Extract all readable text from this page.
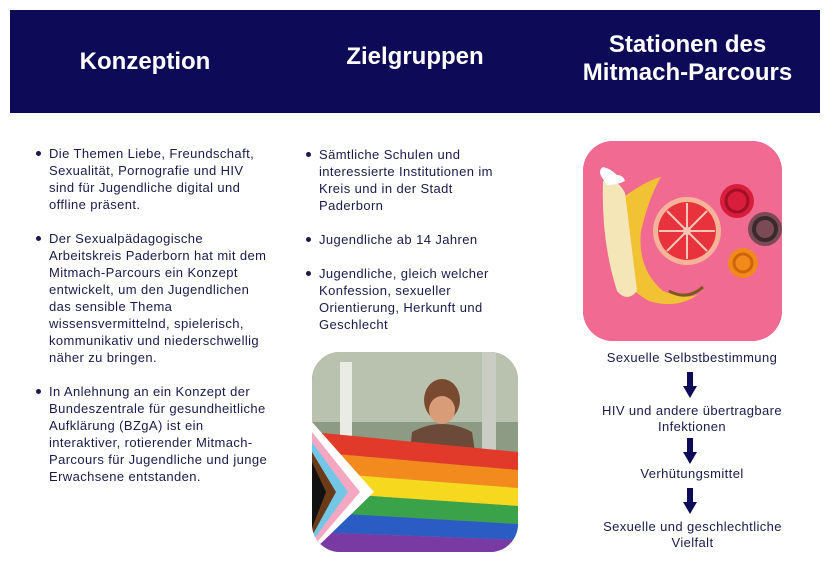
Konzeption	Zielgruppen	Stationen des
Mitmach-Parcours
Die Themen Liebe, Freundschaft, Sexualität, Pornografie und HIV sind für Jugendliche digital und offline präsent.
Der Sexualpädagogische Arbeitskreis Paderborn hat mit dem Mitmach-Parcours ein Konzept entwickelt, um den Jugendlichen das sensible Thema wissensvermittelnd, spielerisch, kommunikativ und niederschwellig näher zu bringen.
In Anlehnung an ein Konzept der Bundeszentrale für gesundheitliche Aufklärung (BZgA) ist ein interaktiver, rotierender Mitmach-Parcours für Jugendliche und junge Erwachsene entstanden.
Sämtliche Schulen und interessierte Institutionen im Kreis und in der Stadt Paderborn
Jugendliche ab 14 Jahren
Jugendliche, gleich welcher Konfession, sexueller Orientierung, Herkunft und Geschlecht
Sexuelle Selbstbestimmung
HIV und andere übertragbare Infektionen
Verhütungsmittel
Sexuelle und geschlechtliche Vielfalt
